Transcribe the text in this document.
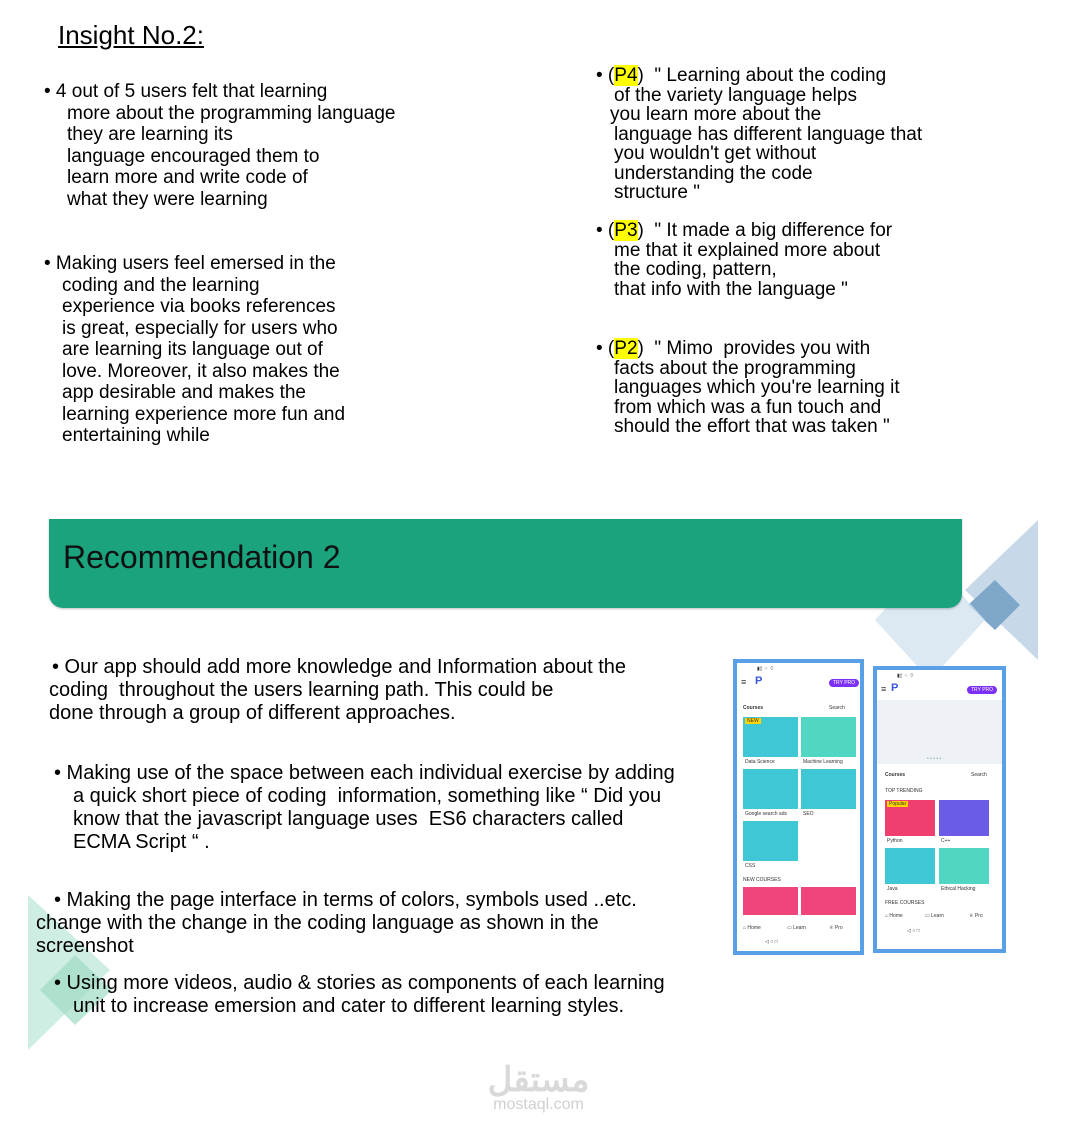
Insight No.2:
• 4 out of 5 users felt that learning
more about the programming language
they are learning its
language encouraged them to
learn more and write code of
what they were learning
• Making users feel emersed in the
coding and the learning
experience via books references
is great, especially for users who
are learning its language out of
love. Moreover, it also makes the
app desirable and makes the
learning experience more fun and
entertaining while
• (P4)  " Learning about the coding
of the variety language helps
you learn more about the
language has different language that
you wouldn't get without
understanding the code
structure "
• (P3)  " It made a big difference for
me that it explained more about
the coding, pattern,
that info with the language "
• (P2)  " Mimo  provides you with
facts about the programming
languages which you're learning it
from which was a fun touch and
should the effort that was taken "
Recommendation 2
• Our app should add more knowledge and Information about the
coding  throughout the users learning path. This could be
done through a group of different approaches.
• Making use of the space between each individual exercise by adding
a quick short piece of coding  information, something like “ Did you
know that the javascript language uses  ES6 characters called
ECMA Script “ .
• Making the page interface in terms of colors, symbols used ..etc.
change with the change in the coding language as shown in the
screenshot
• Using more videos, audio & stories as components of each learning
unit to increase emersion and cater to different learning styles.
▮▯ ⁘ ⌔
≡ P	TRY PRO
Courses	Search
NEW
Data Science	Machine Learning
Google search ads	SEO
CSS
NEW COURSES
⌂ Home	▭ Learn	♕ Pro
◁ ○ □
▮▯ ⁘ ⌔
≡ P	TRY PRO
• • • • •
Courses	Search
TOP TRENDING
Popular
Python	C++
Java	Ethical Hacking
FREE COURSES
⌂ Home	▭ Learn	♕ Pro
◁ ○ □
مستقل
mostaql.com
